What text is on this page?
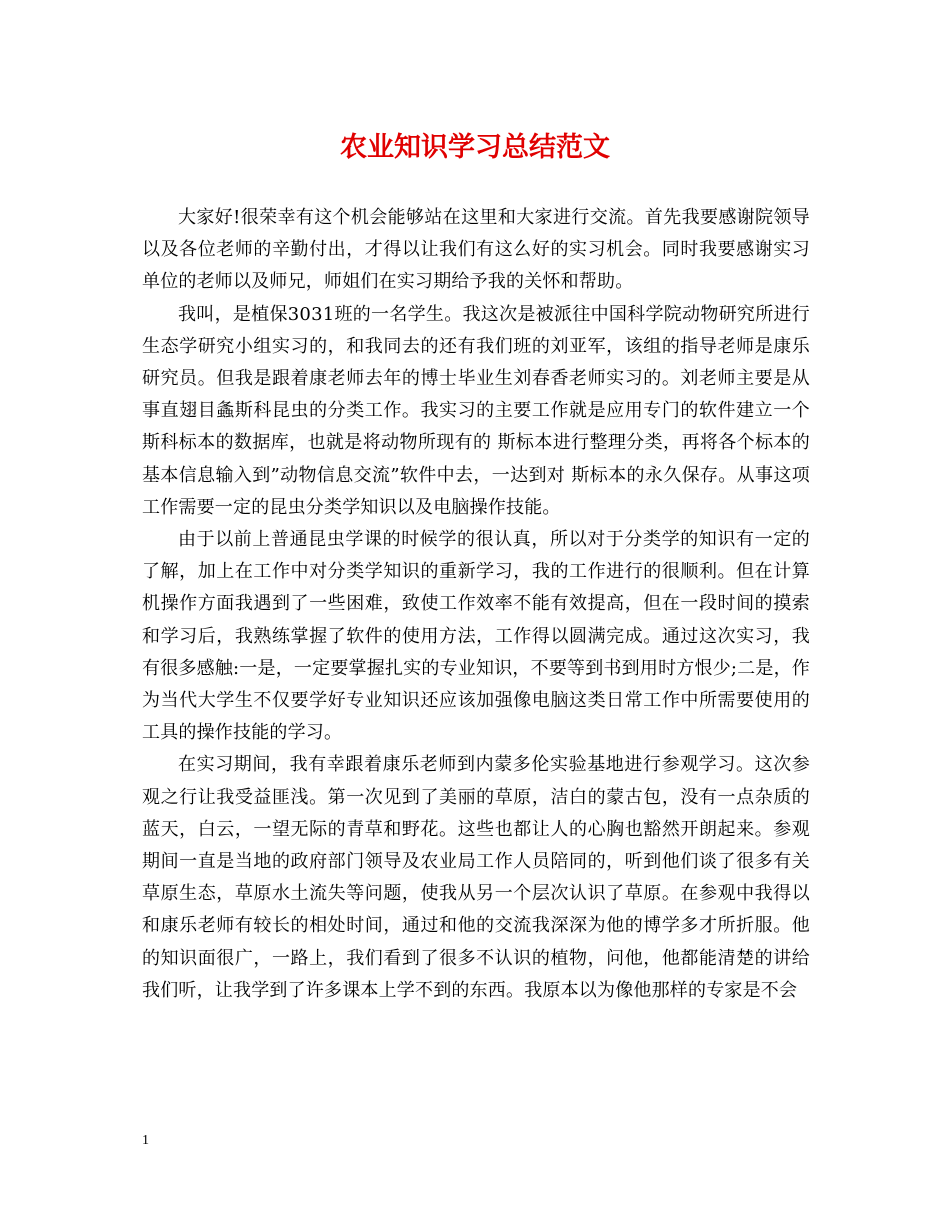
农业知识学习总结范文

大家好!很荣幸有这个机会能够站在这里和大家进行交流。首先我要感谢院领导以及各位老师的辛勤付出，才得以让我们有这么好的实习机会。同时我要感谢实习单位的老师以及师兄，师姐们在实习期给予我的关怀和帮助。

我叫，是植保3031班的一名学生。我这次是被派往中国科学院动物研究所进行生态学研究小组实习的，和我同去的还有我们班的刘亚军，该组的指导老师是康乐研究员。但我是跟着康老师去年的博士毕业生刘春香老师实习的。刘老师主要是从事直翅目螽斯科昆虫的分类工作。我实习的主要工作就是应用专门的软件建立一个 斯科标本的数据库，也就是将动物所现有的 斯标本进行整理分类，再将各个标本的基本信息输入到”动物信息交流”软件中去，一达到对 斯标本的永久保存。从事这项工作需要一定的昆虫分类学知识以及电脑操作技能。

由于以前上普通昆虫学课的时候学的很认真，所以对于分类学的知识有一定的了解，加上在工作中对分类学知识的重新学习，我的工作进行的很顺利。但在计算机操作方面我遇到了一些困难，致使工作效率不能有效提高，但在一段时间的摸索和学习后，我熟练掌握了软件的使用方法，工作得以圆满完成。通过这次实习，我有很多感触:一是，一定要掌握扎实的专业知识，不要等到书到用时方恨少;二是，作为当代大学生不仅要学好专业知识还应该加强像电脑这类日常工作中所需要使用的工具的操作技能的学习。

在实习期间，我有幸跟着康乐老师到内蒙多伦实验基地进行参观学习。这次参观之行让我受益匪浅。第一次见到了美丽的草原，洁白的蒙古包，没有一点杂质的蓝天，白云，一望无际的青草和野花。这些也都让人的心胸也豁然开朗起来。参观期间一直是当地的政府部门领导及农业局工作人员陪同的，听到他们谈了很多有关草原生态，草原水土流失等问题，使我从另一个层次认识了草原。在参观中我得以和康乐老师有较长的相处时间，通过和他的交流我深深为他的博学多才所折服。他的知识面很广，一路上，我们看到了很多不认识的植物，问他，他都能清楚的讲给我们听，让我学到了许多课本上学不到的东西。我原本以为像他那样的专家是不会

1
